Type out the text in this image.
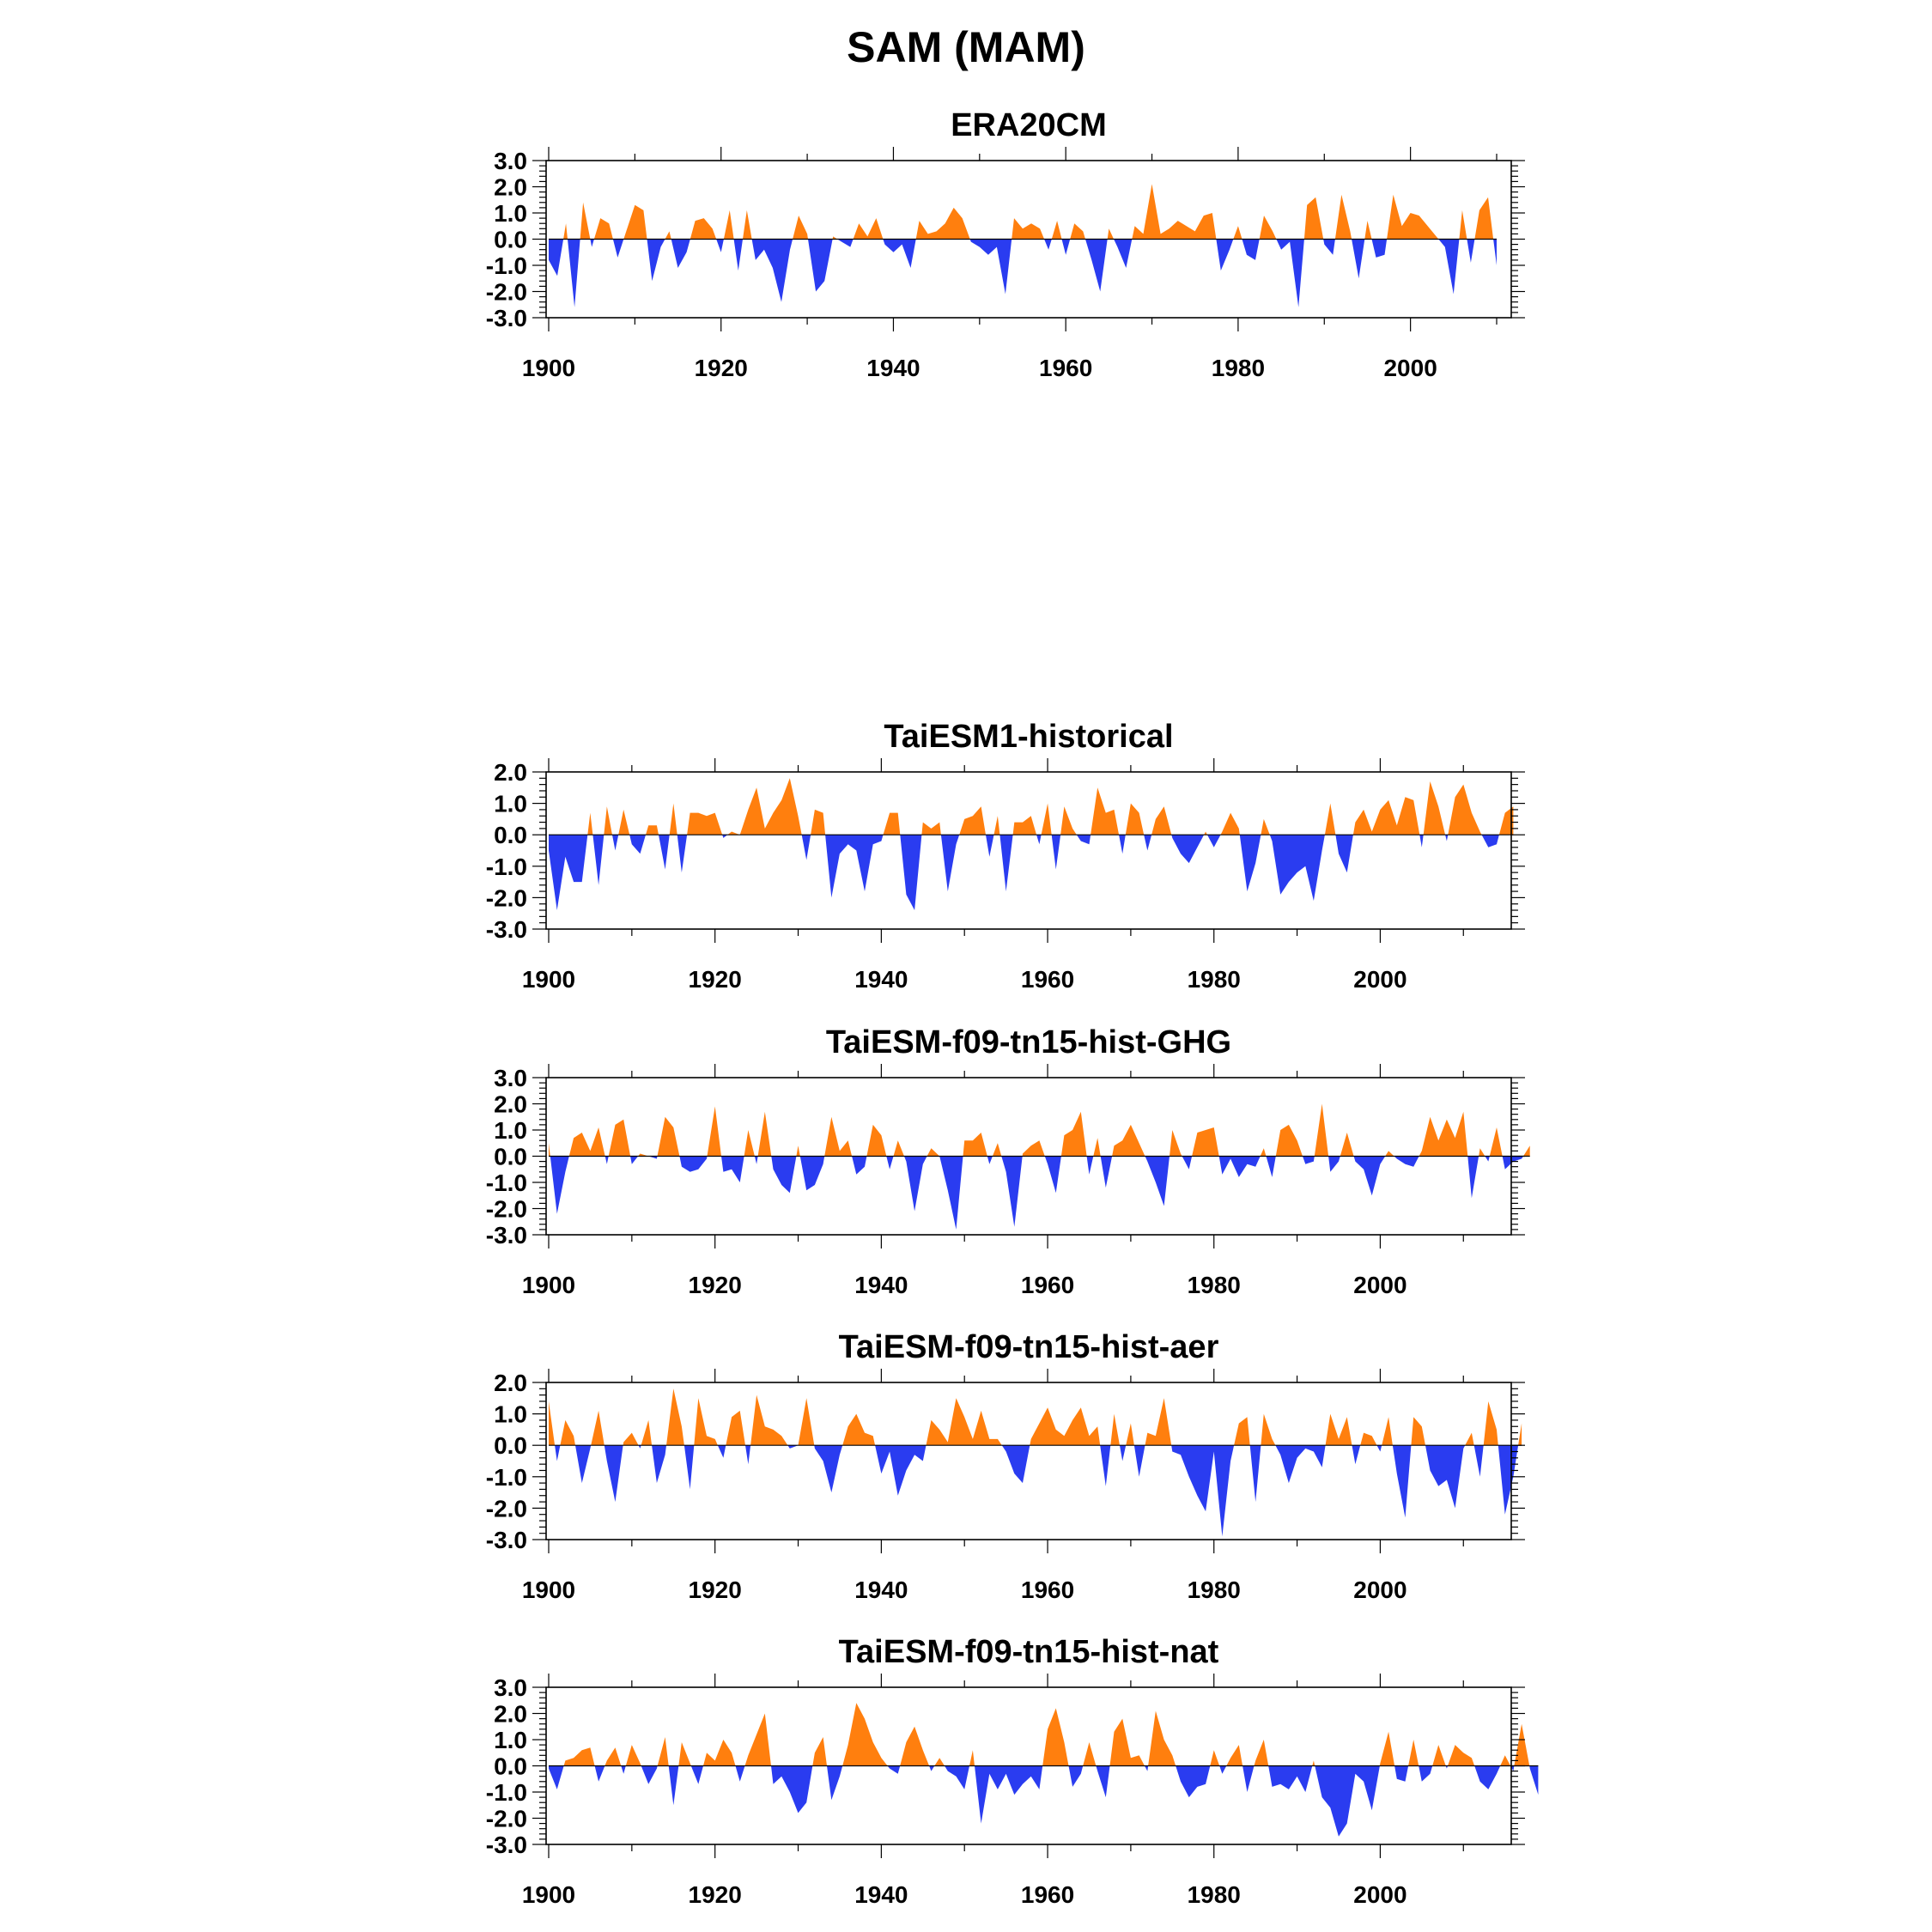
SAM (MAM)
ERA20CM
3.0
2.0
1.0
0.0
-1.0
-2.0
-3.0
1900	1920	1940	1960	1980	2000
TaiESM1-historical
2.0
1.0
0.0
-1.0
-2.0
-3.0
1900	1920	1940	1960	1980	2000
TaiESM-f09-tn15-hist-GHG
3.0
2.0
1.0
0.0
-1.0
-2.0
-3.0
1900	1920	1940	1960	1980	2000
TaiESM-f09-tn15-hist-aer
2.0
1.0
0.0
-1.0
-2.0
-3.0
1900	1920	1940	1960	1980	2000
TaiESM-f09-tn15-hist-nat
3.0
2.0
1.0
0.0
-1.0
-2.0
-3.0
1900	1920	1940	1960	1980	2000
